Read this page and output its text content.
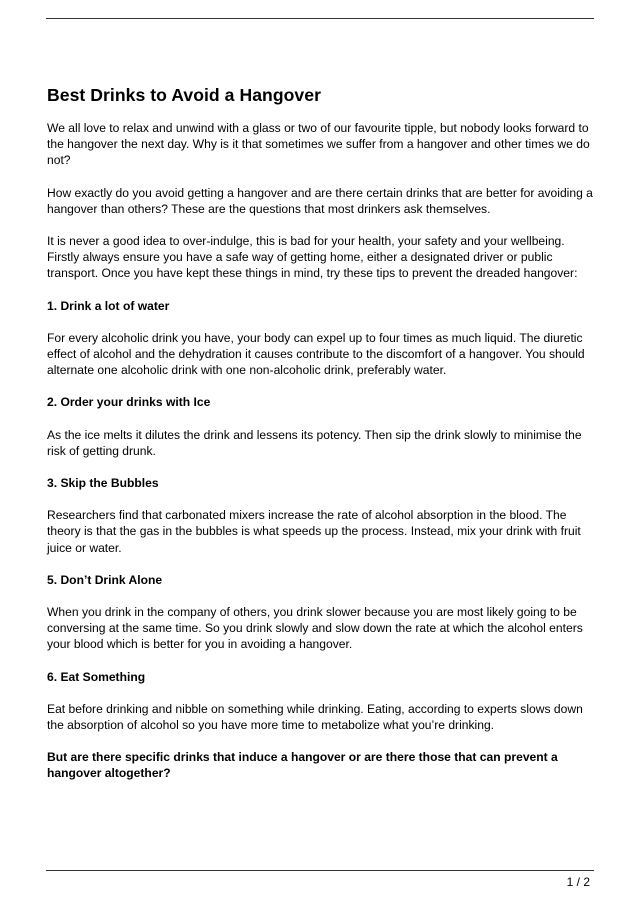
Best Drinks to Avoid a Hangover

We all love to relax and unwind with a glass or two of our favourite tipple, but nobody looks forward to the hangover the next day. Why is it that sometimes we suffer from a hangover and other times we do not?

How exactly do you avoid getting a hangover and are there certain drinks that are better for avoiding a hangover than others? These are the questions that most drinkers ask themselves.

It is never a good idea to over-indulge, this is bad for your health, your safety and your wellbeing. Firstly always ensure you have a safe way of getting home, either a designated driver or public transport. Once you have kept these things in mind, try these tips to prevent the dreaded hangover:

1. Drink a lot of water

For every alcoholic drink you have, your body can expel up to four times as much liquid. The diuretic effect of alcohol and the dehydration it causes contribute to the discomfort of a hangover. You should alternate one alcoholic drink with one non-alcoholic drink, preferably water.

2. Order your drinks with Ice

As the ice melts it dilutes the drink and lessens its potency. Then sip the drink slowly to minimise the risk of getting drunk.

3. Skip the Bubbles

Researchers find that carbonated mixers increase the rate of alcohol absorption in the blood. The theory is that the gas in the bubbles is what speeds up the process. Instead, mix your drink with fruit juice or water.

5. Don’t Drink Alone

When you drink in the company of others, you drink slower because you are most likely going to be conversing at the same time. So you drink slowly and slow down the rate at which the alcohol enters your blood which is better for you in avoiding a hangover.

6. Eat Something

Eat before drinking and nibble on something while drinking. Eating, according to experts slows down the absorption of alcohol so you have more time to metabolize what you’re drinking.

But are there specific drinks that induce a hangover or are there those that can prevent a hangover altogether?

1 / 2
